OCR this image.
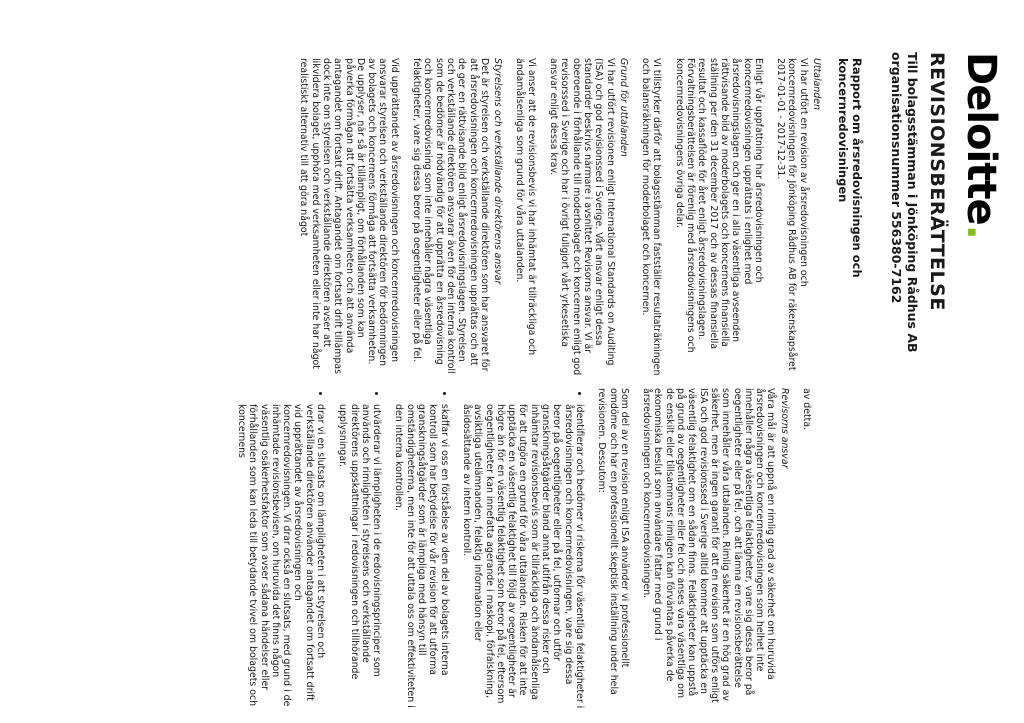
Deloitte.
REVISIONSBERÄTTELSE
Till bolagsstämman i Jönköping Rådhus AB
organisationsnummer 556380-7162
Rapport om årsredovisningen och
koncernredovisningen
Uttalanden

Vi har utfört en revision av årsredovisningen och koncernredovisningen för Jönköping Rådhus AB för räkenskapsåret 2017-01-01 - 2017-12-31.

Enligt vår uppfattning har årsredovisningen och koncernredovisningen upprättats i enlighet med årsredovisningslagen och ger en i alla väsentliga avseenden rättvisande bild av moderbolagets och koncernens finansiella ställning per den 31 december 2017 och av dessas finansiella resultat och kassaflöde för året enligt årsredovisningslagen. Förvaltningsberättelsen är förenlig med årsredovisningens och koncernredovisningens övriga delar.

Vi tillstyrker därför att bolagsstämman fastställer resultaträkningen och balansräkningen för moderbolaget och koncernen.

Grund för uttalanden

Vi har utfört revisionen enligt International Standards on Auditing (ISA) och god revisionssed i Sverige. Vårt ansvar enligt dessa standarder beskrivs närmare i avsnittet Revisorns ansvar. Vi är oberoende i förhållande till moderbolaget och koncernen enligt god revisorssed i Sverige och har i övrigt fullgjort vårt yrkesetiska ansvar enligt dessa krav.

Vi anser att de revisionsbevis vi har inhämtat är tillräckliga och ändamålsenliga som grund för våra uttalanden.

Styrelsens och verkställande direktörens ansvar

Det är styrelsen och verkställande direktören som har ansvaret för att årsredovisningen och koncernredovisningen upprättas och att de ger en rättvisande bild enligt årsredovisningslagen. Styrelsen och verkställande direktören ansvarar även för den interna kontroll som de bedömer är nödvändig för att upprätta en årsredovisning och koncernredovisning som inte innehåller några väsentliga felaktigheter, vare sig dessa beror på oegentligheter eller på fel.

Vid upprättandet av årsredovisningen och koncernredovisningen ansvarar styrelsen och verkställande direktören för bedömningen av bolagets och koncernens förmåga att fortsätta verksamheten. De upplyser, när så är tillämpligt, om förhållanden som kan påverka förmågan att fortsätta verksamheten och att använda antagandet om fortsatt drift. Antagandet om fortsatt drift tillämpas dock inte om styrelsen och verkställande direktören avser att likvidera bolaget, upphöra med verksamheten eller inte har något realistiskt alternativ till att göra något

av detta.

Revisorns ansvar

Våra mål är att uppnå en rimlig grad av säkerhet om huruvida årsredovisningen och koncernredovisningen som helhet inte innehåller några väsentliga felaktigheter, vare sig dessa beror på oegentligheter eller på fel, och att lämna en revisionsberättelse som innehåller våra uttalanden. Rimlig säkerhet är en hög grad av säkerhet, men är ingen garanti för att en revision som utförs enligt ISA och god revisionssed i Sverige alltid kommer att upptäcka en väsentlig felaktighet om en sådan finns. Felaktigheter kan uppstå på grund av oegentligheter eller fel och anses vara väsentliga om de enskilt eller tillsammans rimligen kan förväntas påverka de ekonomiska beslut som användare fattar med grund i årsredovisningen och koncernredovisningen.

Som del av en revision enligt ISA använder vi professionellt omdöme och har en professionellt skeptisk inställning under hela revisionen. Dessutom:

• identifierar och bedömer vi riskerna för väsentliga felaktigheter i årsredovisningen och koncernredovisningen, vare sig dessa beror på oegentligheter eller på fel, utformar och utför granskningsåtgärder bland annat utifrån dessa risker och inhämtar revisionsbevis som är tillräckliga och ändamålsenliga för att utgöra en grund för våra uttalanden. Risken för att inte upptäcka en väsentlig felaktighet till följd av oegentligheter är högre än för en väsentlig felaktighet som beror på fel, eftersom oegentligheter kan innefatta agerande i maskopi, förfalskning, avsiktliga utelämnanden, felaktig information eller åsidosättande av intern kontroll.
• skaffar vi oss en förståelse av den del av bolagets interna kontroll som har betydelse för vår revision för att utforma granskningsåtgärder som är lämpliga med hänsyn till omständigheterna, men inte för att uttala oss om effektiviteten i den interna kontrollen.
• utvärderar vi lämpligheten i de redovisningsprinciper som används och rimligheten i styrelsens och verkställande direktörens uppskattningar i redovisningen och tillhörande upplysningar.
• drar vi en slutsats om lämpligheten i att styrelsen och verkställande direktören använder antagandet om fortsatt drift vid upprättandet av årsredovisningen och koncernredovisningen. Vi drar också en slutsats, med grund i de inhämtade revisionsbevisen, om huruvida det finns någon väsentlig osäkerhetsfaktor som avser sådana händelser eller förhållanden som kan leda till betydande tvivel om bolagets och koncernens
